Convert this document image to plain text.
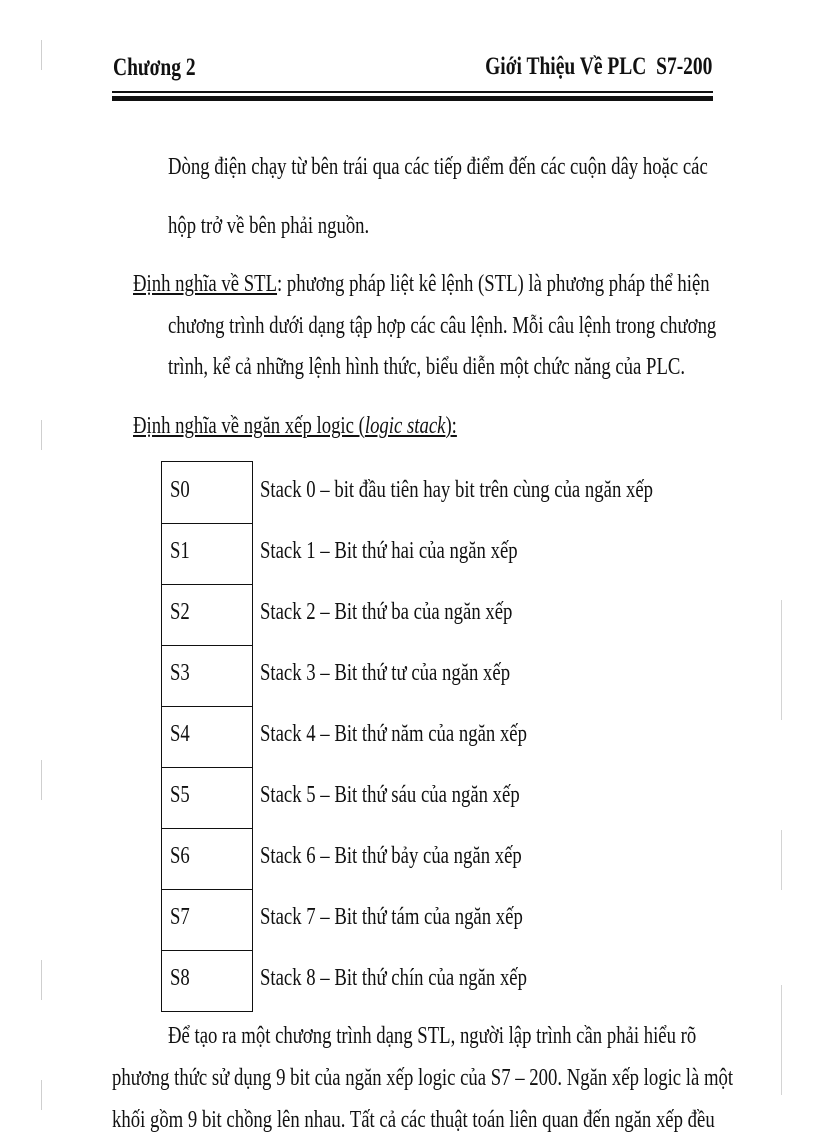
Chương 2	Giới Thiệu Về PLC  S7-200
Dòng điện chạy từ bên trái qua các tiếp điểm đến các cuộn dây hoặc các
hộp trở về bên phải nguồn.
Định nghĩa về STL: phương pháp liệt kê lệnh (STL) là phương pháp thể hiện
chương trình dưới dạng tập hợp các câu lệnh. Mỗi câu lệnh trong chương
trình, kể cả những lệnh hình thức, biểu diễn một chức năng của PLC.
Định nghĩa về ngăn xếp logic (logic stack):
S0
S1
S2
S3
S4
S5
S6
S7
S8
Stack 0 – bit đầu tiên hay bit trên cùng của ngăn xếp
Stack 1 – Bit thứ hai của ngăn xếp
Stack 2 – Bit thứ ba của ngăn xếp
Stack 3 – Bit thứ tư của ngăn xếp
Stack 4 – Bit thứ năm của ngăn xếp
Stack 5 – Bit thứ sáu của ngăn xếp
Stack 6 – Bit thứ bảy của ngăn xếp
Stack 7 – Bit thứ tám của ngăn xếp
Stack 8 – Bit thứ chín của ngăn xếp
Để tạo ra một chương trình dạng STL, người lập trình cần phải hiểu rõ
phương thức sử dụng 9 bit của ngăn xếp logic của S7 – 200. Ngăn xếp logic là một
khối gồm 9 bit chồng lên nhau. Tất cả các thuật toán liên quan đến ngăn xếp đều
